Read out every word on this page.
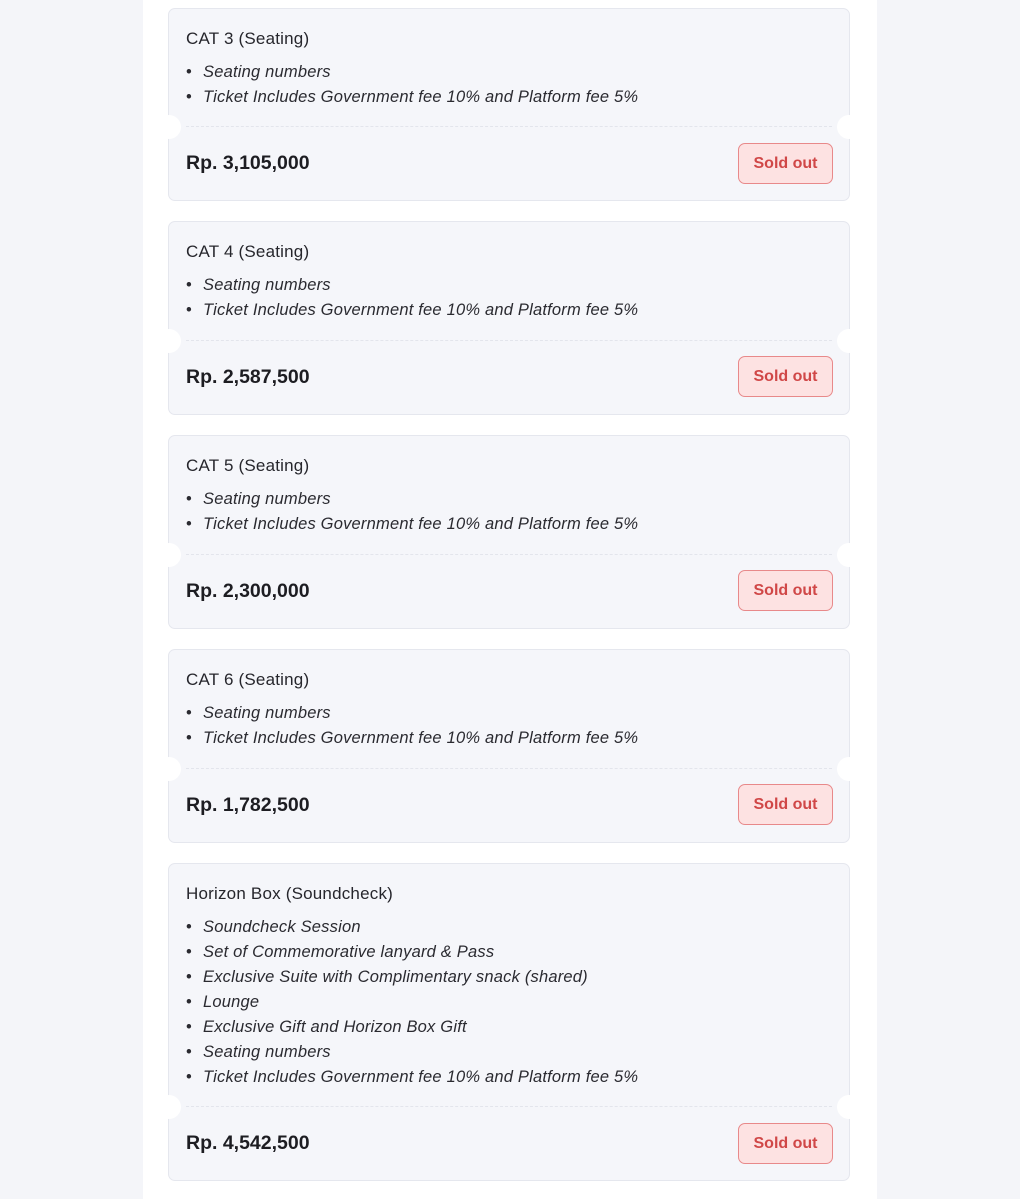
CAT 3 (Seating)

• Seating numbers
• Ticket Includes Government fee 10% and Platform fee 5%
Rp. 3,105,000	Sold out

CAT 4 (Seating)

• Seating numbers
• Ticket Includes Government fee 10% and Platform fee 5%
Rp. 2,587,500	Sold out

CAT 5 (Seating)

• Seating numbers
• Ticket Includes Government fee 10% and Platform fee 5%
Rp. 2,300,000	Sold out

CAT 6 (Seating)

• Seating numbers
• Ticket Includes Government fee 10% and Platform fee 5%
Rp. 1,782,500	Sold out

Horizon Box (Soundcheck)

• Soundcheck Session
• Set of Commemorative lanyard & Pass
• Exclusive Suite with Complimentary snack (shared)
• Lounge
• Exclusive Gift and Horizon Box Gift
• Seating numbers
• Ticket Includes Government fee 10% and Platform fee 5%
Rp. 4,542,500	Sold out
